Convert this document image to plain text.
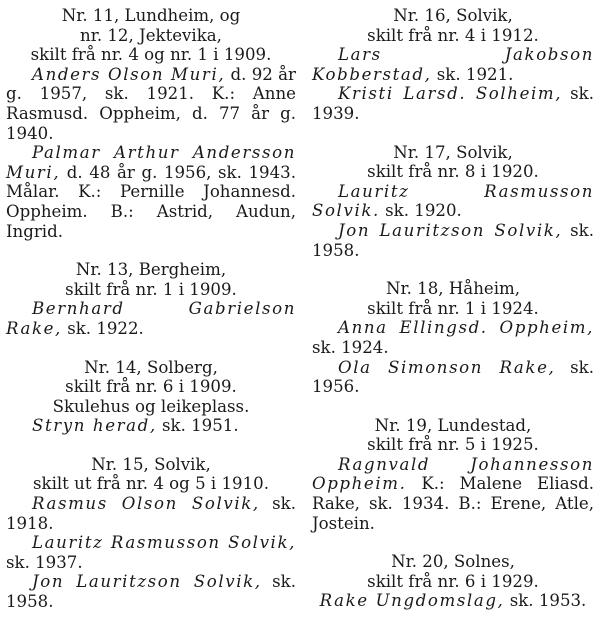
Nr. 11, Lundheim, og
nr. 12, Jektevika,
skilt frå nr. 4 og nr. 1 i 1909.
Anders Olson Muri, d. 92 år g. 1957, sk. 1921. K.: Anne Rasmusd. Oppheim, d. 77 år g. 1940.
Palmar Arthur Andersson Muri, d. 48 år g. 1956, sk. 1943. Målar. K.: Pernille Johannesd. Oppheim. B.: Astrid, Audun, Ingrid.
Nr. 13, Bergheim,
skilt frå nr. 1 i 1909.
Bernhard Gabrielson Rake, sk. 1922.
Nr. 14, Solberg,
skilt frå nr. 6 i 1909.
Skulehus og leikeplass.
Stryn herad, sk. 1951.
Nr. 15, Solvik,
skilt ut frå nr. 4 og 5 i 1910.
Rasmus Olson Solvik, sk. 1918.
Lauritz Rasmusson Solvik, sk. 1937.
Jon Lauritzson Solvik, sk. 1958.
Nr. 16, Solvik,
skilt frå nr. 4 i 1912.
Lars Jakobson Kobberstad, sk. 1921.
Kristi Larsd. Solheim, sk. 1939.
Nr. 17, Solvik,
skilt frå nr. 8 i 1920.
Lauritz Rasmusson Solvik. sk. 1920.
Jon Lauritzson Solvik, sk. 1958.
Nr. 18, Håheim,
skilt frå nr. 1 i 1924.
Anna Ellingsd. Oppheim, sk. 1924.
Ola Simonson Rake, sk. 1956.
Nr. 19, Lundestad,
skilt frå nr. 5 i 1925.
Ragnvald Johannesson Oppheim. K.: Malene Eliasd. Rake, sk. 1934. B.: Erene, Atle, Jostein.
Nr. 20, Solnes,
skilt frå nr. 6 i 1929.
Rake Ungdomslag, sk. 1953.
